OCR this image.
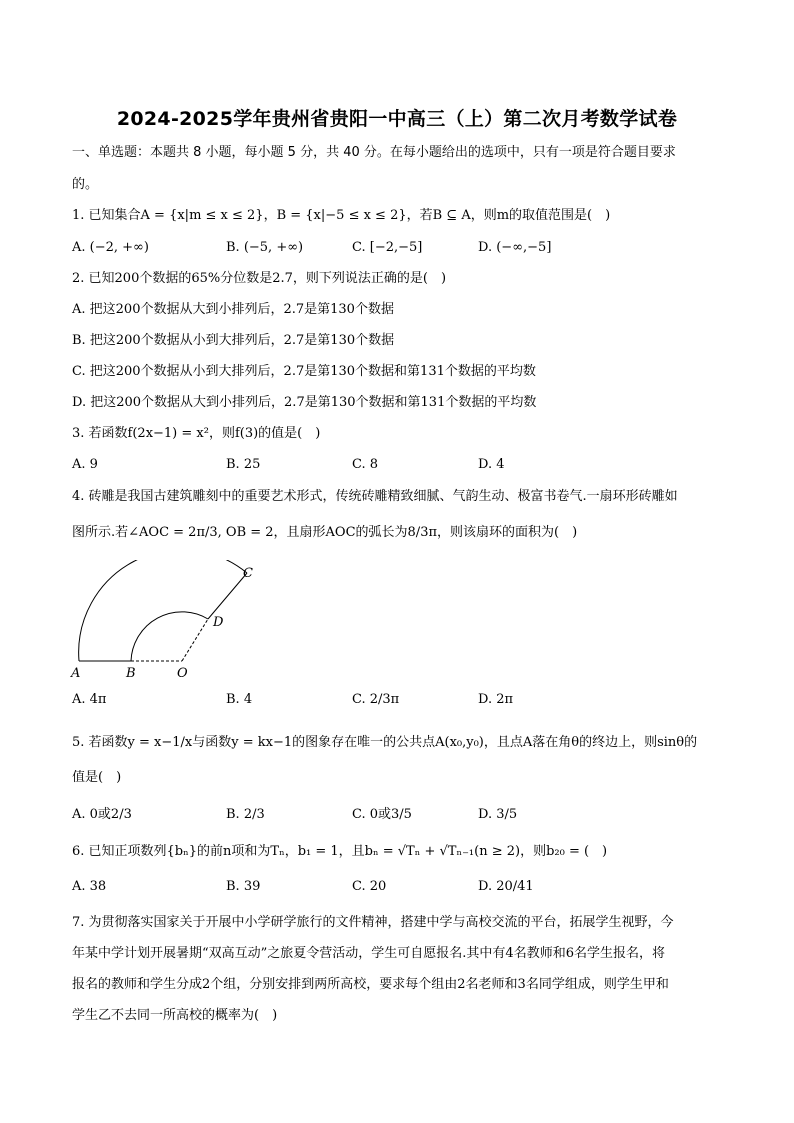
2024-2025学年贵州省贵阳一中高三（上）第二次月考数学试卷
一、单选题：本题共 8 小题，每小题 5 分，共 40 分。在每小题给出的选项中，只有一项是符合题目要求
的。
1. 已知集合A = {x|m ≤ x ≤ 2}，B = {x|−5 ≤ x ≤ 2}，若B ⊆ A，则m的取值范围是(　)
A. (−2, +∞)	B. (−5, +∞)	C. [−2,−5]	D. (−∞,−5]
2. 已知200个数据的65%分位数是2.7，则下列说法正确的是(　)
A. 把这200个数据从大到小排列后，2.7是第130个数据
B. 把这200个数据从小到大排列后，2.7是第130个数据
C. 把这200个数据从小到大排列后，2.7是第130个数据和第131个数据的平均数
D. 把这200个数据从大到小排列后，2.7是第130个数据和第131个数据的平均数
3. 若函数f(2x−1) = x²，则f(3)的值是(　)
A. 9	B. 25	C. 8	D. 4
4. 砖雕是我国古建筑雕刻中的重要艺术形式，传统砖雕精致细腻、气韵生动、极富书卷气.一扇环形砖雕如
图所示.若∠AOC = 2π/3, OB = 2，且扇形AOC的弧长为8/3π，则该扇环的面积为(　)
A	B	O
C
D
A. 4π	B. 4	C. 2/3π	D. 2π
5. 若函数y = x−1/x与函数y = kx−1的图象存在唯一的公共点A(x₀,y₀)，且点A落在角θ的终边上，则sinθ的
值是(　)
A. 0或2/3	B. 2/3	C. 0或3/5	D. 3/5
6. 已知正项数列{bₙ}的前n项和为Tₙ，b₁ = 1，且bₙ = √Tₙ + √Tₙ₋₁(n ≥ 2)，则b₂₀ = (　)
A. 38	B. 39	C. 20	D. 20/41
7. 为贯彻落实国家关于开展中小学研学旅行的文件精神，搭建中学与高校交流的平台，拓展学生视野，今
年某中学计划开展暑期“双高互动”之旅夏令营活动，学生可自愿报名.其中有4名教师和6名学生报名，将
报名的教师和学生分成2个组，分别安排到两所高校，要求每个组由2名老师和3名同学组成，则学生甲和
学生乙不去同一所高校的概率为(　)
